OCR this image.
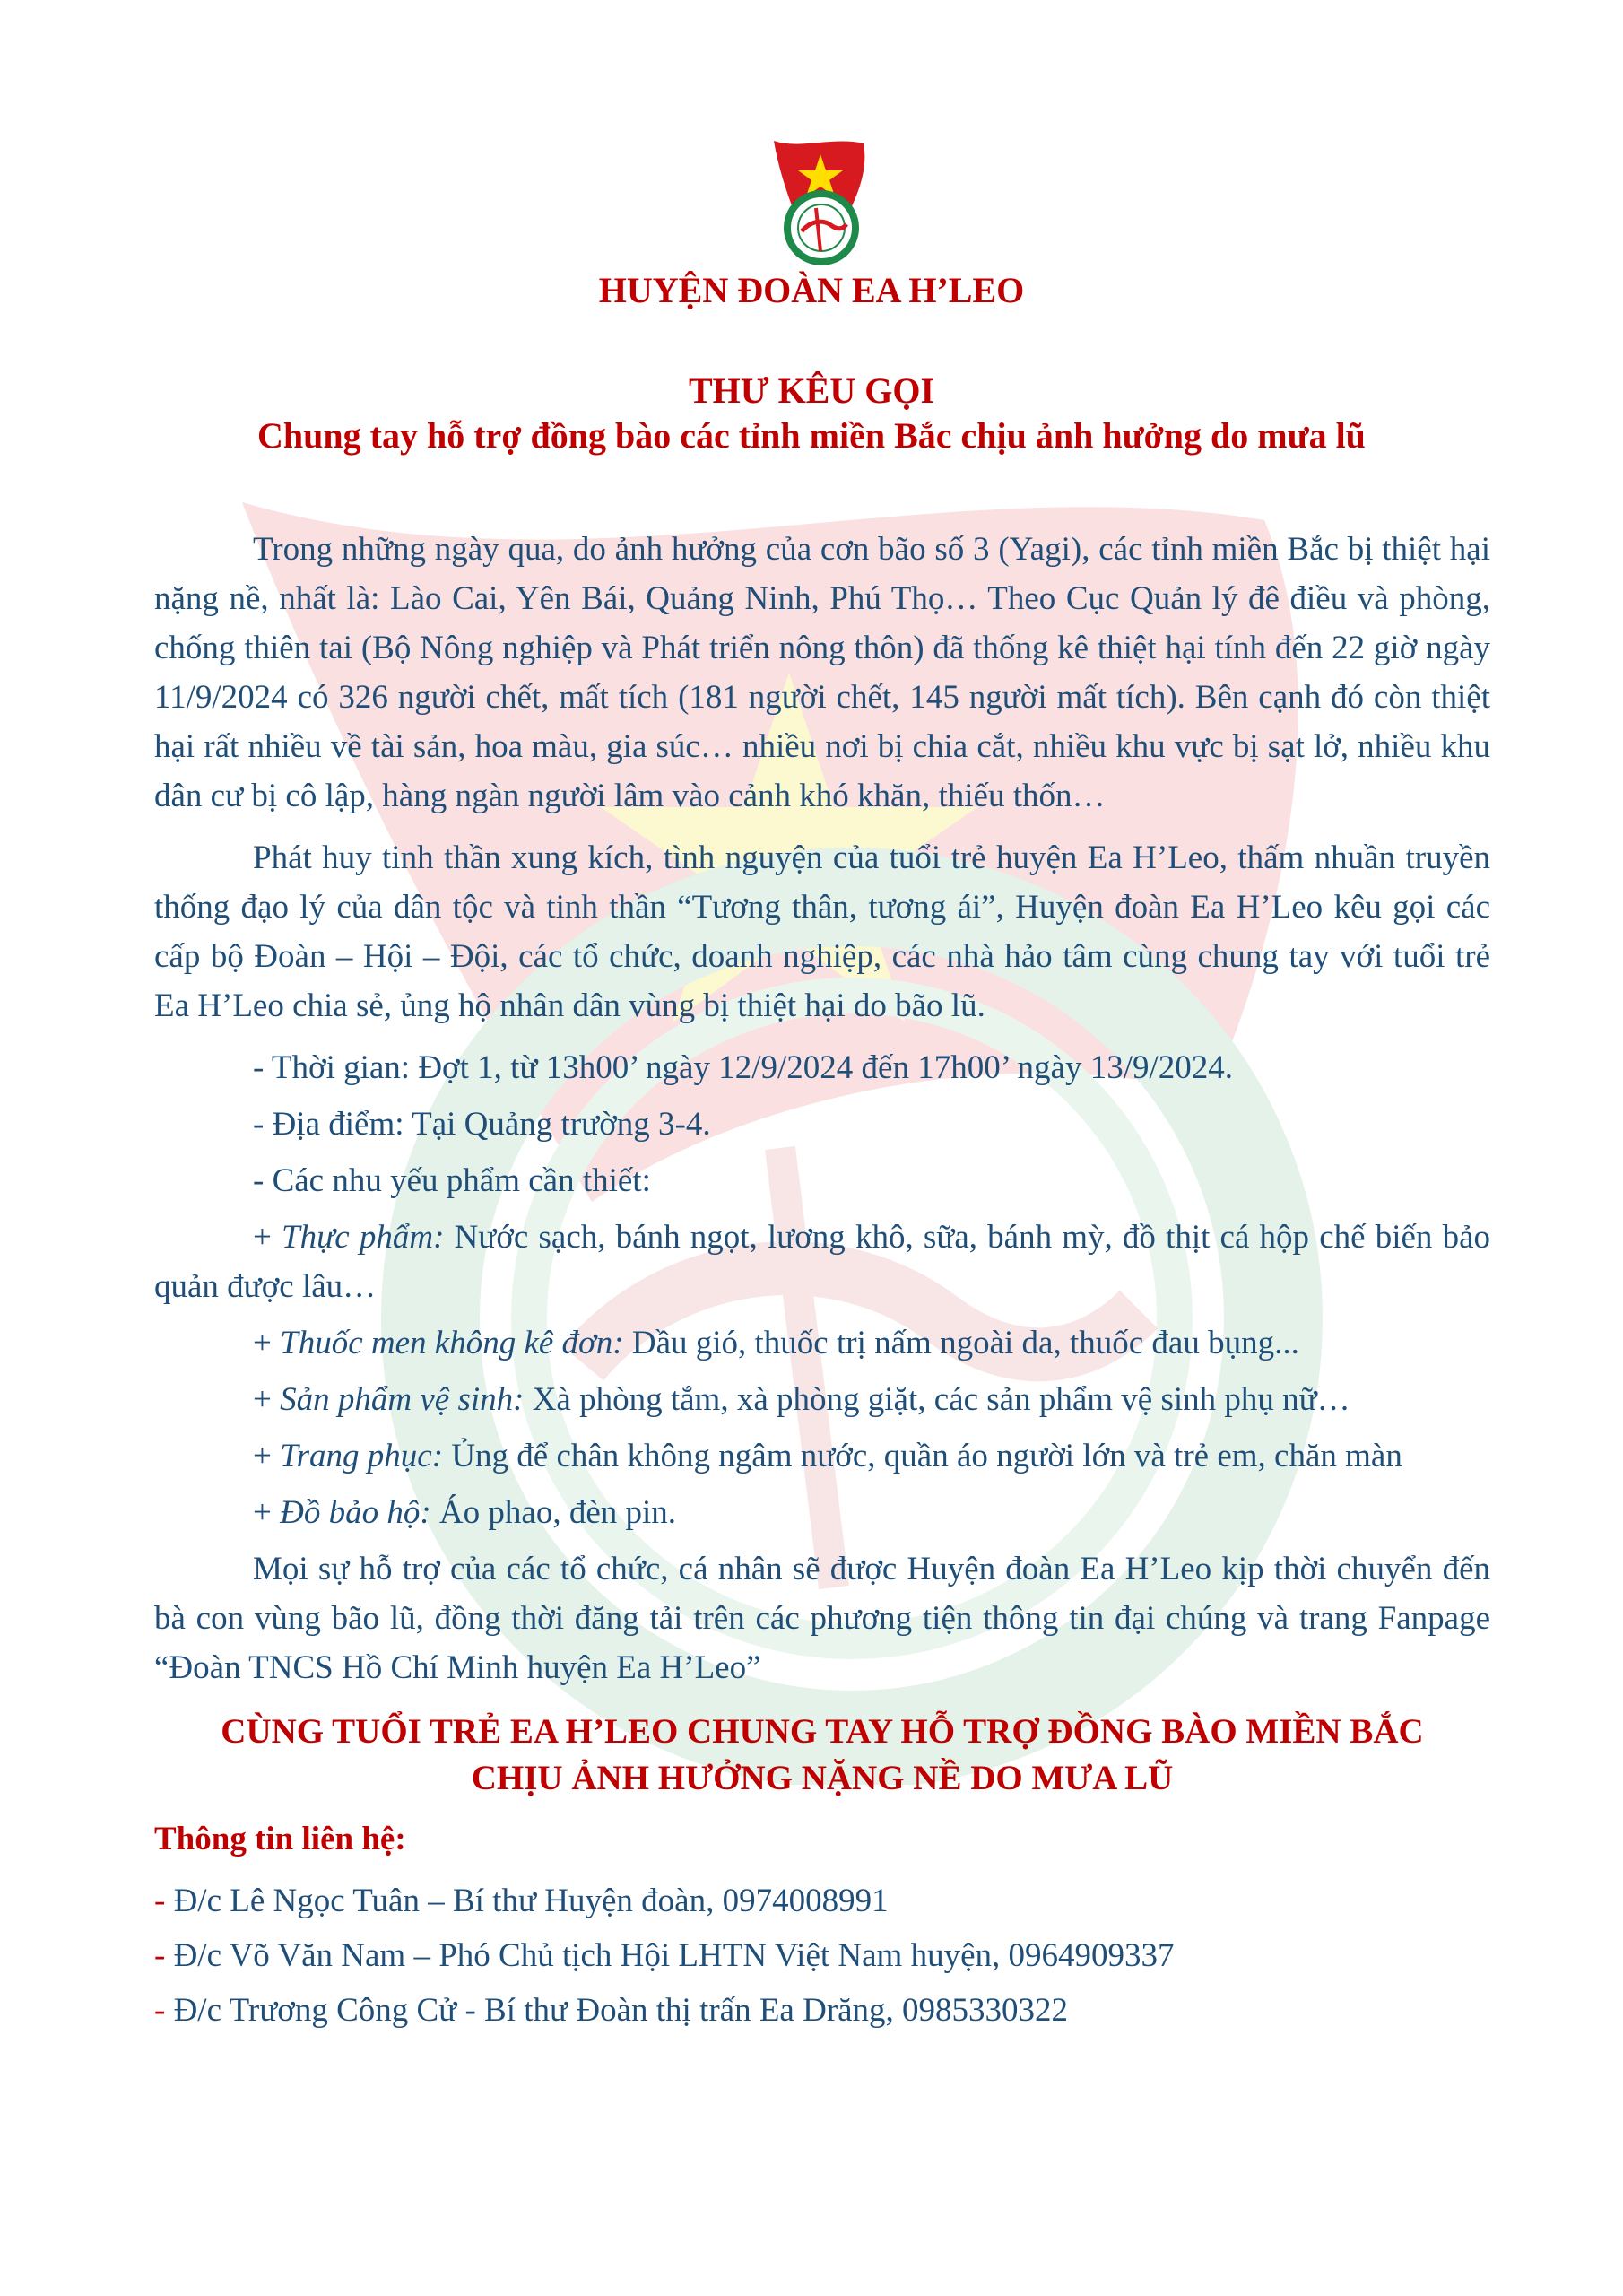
HUYỆN ĐOÀN EA H’LEO
THƯ KÊU GỌI
Chung tay hỗ trợ đồng bào các tỉnh miền Bắc chịu ảnh hưởng do mưa lũ

Trong những ngày qua, do ảnh hưởng của cơn bão số 3 (Yagi), các tỉnh miền Bắc bị thiệt hại nặng nề, nhất là: Lào Cai, Yên Bái, Quảng Ninh, Phú Thọ… Theo Cục Quản lý đê điều và phòng, chống thiên tai (Bộ Nông nghiệp và Phát triển nông thôn) đã thống kê thiệt hại tính đến 22 giờ ngày 11/9/2024 có 326 người chết, mất tích (181 người chết, 145 người mất tích). Bên cạnh đó còn thiệt hại rất nhiều về tài sản, hoa màu, gia súc… nhiều nơi bị chia cắt, nhiều khu vực bị sạt lở, nhiều khu dân cư bị cô lập, hàng ngàn người lâm vào cảnh khó khăn, thiếu thốn…

Phát huy tinh thần xung kích, tình nguyện của tuổi trẻ huyện Ea H’Leo, thấm nhuần truyền thống đạo lý của dân tộc và tinh thần “Tương thân, tương ái”, Huyện đoàn Ea H’Leo kêu gọi các cấp bộ Đoàn – Hội – Đội, các tổ chức, doanh nghiệp, các nhà hảo tâm cùng chung tay với tuổi trẻ Ea H’Leo chia sẻ, ủng hộ nhân dân vùng bị thiệt hại do bão lũ.

- Thời gian: Đợt 1, từ 13h00’ ngày 12/9/2024 đến 17h00’ ngày 13/9/2024.

- Địa điểm: Tại Quảng trường 3-4.

- Các nhu yếu phẩm cần thiết:

+ Thực phẩm: Nước sạch, bánh ngọt, lương khô, sữa, bánh mỳ, đồ thịt cá hộp chế biến bảo quản được lâu…

+ Thuốc men không kê đơn: Dầu gió, thuốc trị nấm ngoài da, thuốc đau bụng...

+ Sản phẩm vệ sinh: Xà phòng tắm, xà phòng giặt, các sản phẩm vệ sinh phụ nữ…

+ Trang phục: Ủng để chân không ngâm nước, quần áo người lớn và trẻ em, chăn màn

+ Đồ bảo hộ: Áo phao, đèn pin.

Mọi sự hỗ trợ của các tổ chức, cá nhân sẽ được Huyện đoàn Ea H’Leo kịp thời chuyển đến bà con vùng bão lũ, đồng thời đăng tải trên các phương tiện thông tin đại chúng và trang Fanpage “Đoàn TNCS Hồ Chí Minh huyện Ea H’Leo”

CÙNG TUỔI TRẺ EA H’LEO CHUNG TAY HỖ TRỢ ĐỒNG BÀO MIỀN BẮC
CHỊU ẢNH HƯỞNG NẶNG NỀ DO MƯA LŨ

Thông tin liên hệ:

- Đ/c Lê Ngọc Tuân – Bí thư Huyện đoàn, 0974008991

- Đ/c Võ Văn Nam – Phó Chủ tịch Hội LHTN Việt Nam huyện, 0964909337

- Đ/c Trương Công Cử - Bí thư Đoàn thị trấn Ea Drăng, 0985330322
